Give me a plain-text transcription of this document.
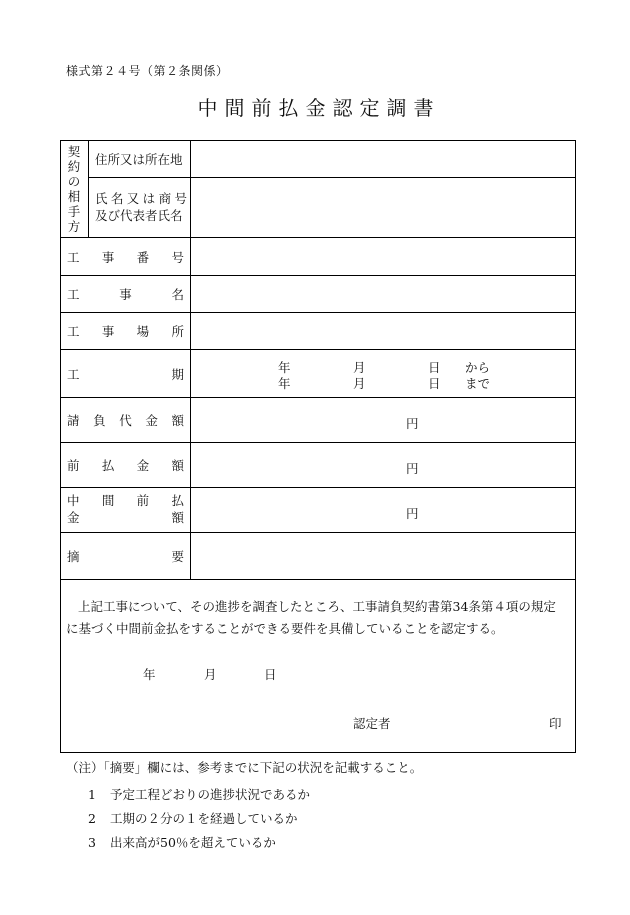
様式第２４号（第２条関係）
中間前払金認定調書
契
約
の
相
手
方
住所又は所在地
氏 名 又 は 商 号
及び代表者氏名
工 事 番 号
工	事	名
工 事 場 所
工	期	年	月	日 から
年	月	日 まで
請 負 代 金 額	円
前 払 金 額	円
中 間 前 払
金	額	円
摘	要
上記工事について、その進捗を調査したところ、工事請負契約書第34条第４項の規定に基づく中間前金払をすることができる要件を具備していることを認定する。
年	月	日
認定者	印
（注）「摘要」欄には、参考までに下記の状況を記載すること。
1 予定工程どおりの進捗状況であるか
2 工期の２分の１を経過しているか
3 出来高が50％を超えているか
